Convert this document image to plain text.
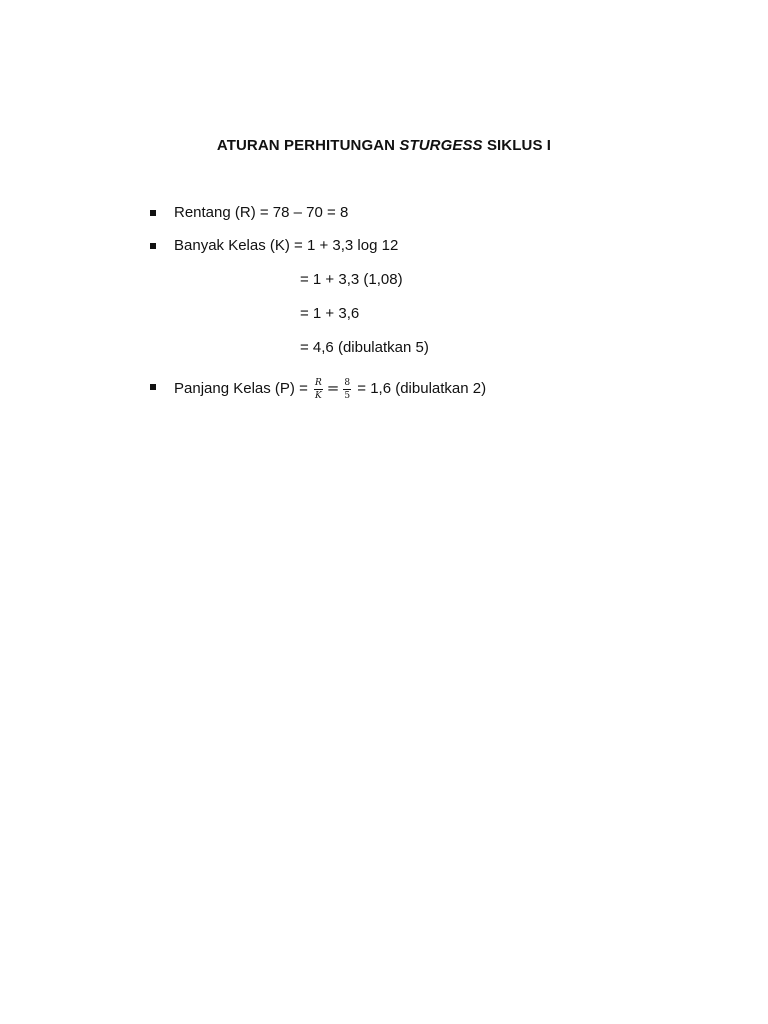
ATURAN PERHITUNGAN STURGESS SIKLUS I
Rentang (R) = 78 – 70 = 8
Banyak Kelas (K) = 1 + 3,3 log 12
= 1 + 3,3 (1,08)
= 1 + 3,6
= 4,6 (dibulatkan 5)
Panjang Kelas $(P) = \frac{R}{K} = \frac{8}{5} = 1,6$ (dibulatkan 2)
